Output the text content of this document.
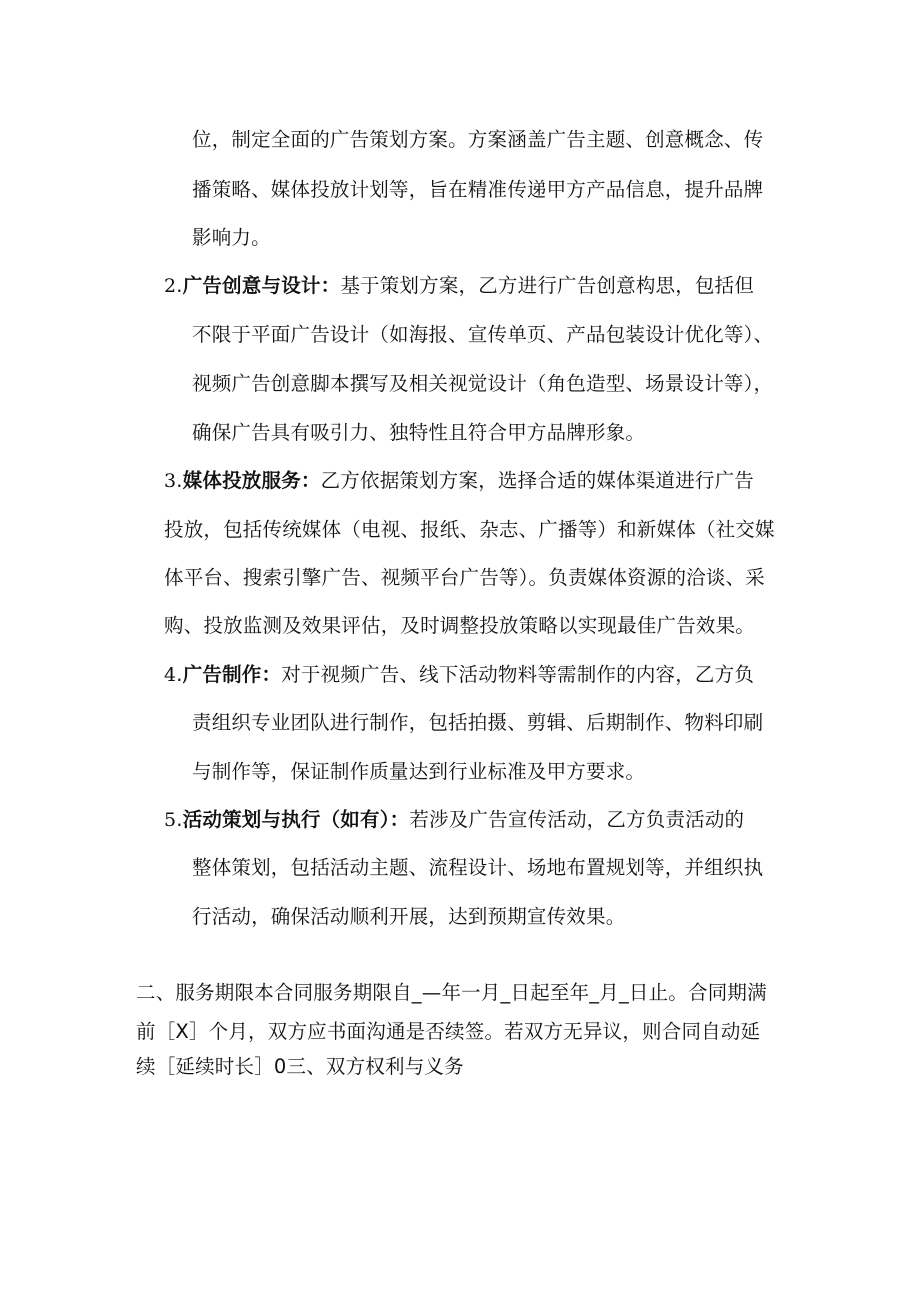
位，制定全面的广告策划方案。方案涵盖广告主题、创意概念、传
播策略、媒体投放计划等，旨在精准传递甲方产品信息，提升品牌
影响力。
2.广告创意与设计：基于策划方案，乙方进行广告创意构思，包括但
不限于平面广告设计（如海报、宣传单页、产品包装设计优化等）、
视频广告创意脚本撰写及相关视觉设计（角色造型、场景设计等），
确保广告具有吸引力、独特性且符合甲方品牌形象。
3.媒体投放服务：乙方依据策划方案，选择合适的媒体渠道进行广告
投放，包括传统媒体（电视、报纸、杂志、广播等）和新媒体（社交媒
体平台、搜索引擎广告、视频平台广告等）。负责媒体资源的洽谈、采
购、投放监测及效果评估，及时调整投放策略以实现最佳广告效果。
4.广告制作：对于视频广告、线下活动物料等需制作的内容，乙方负
责组织专业团队进行制作，包括拍摄、剪辑、后期制作、物料印刷
与制作等，保证制作质量达到行业标准及甲方要求。
5.活动策划与执行（如有）：若涉及广告宣传活动，乙方负责活动的
整体策划，包括活动主题、流程设计、场地布置规划等，并组织执
行活动，确保活动顺利开展，达到预期宣传效果。
二、服务期限本合同服务期限自_—年一月_日起至年_月_日止。合同期满
前［X］个月，双方应书面沟通是否续签。若双方无异议，则合同自动延
续［延续时长］0三、双方权利与义务
